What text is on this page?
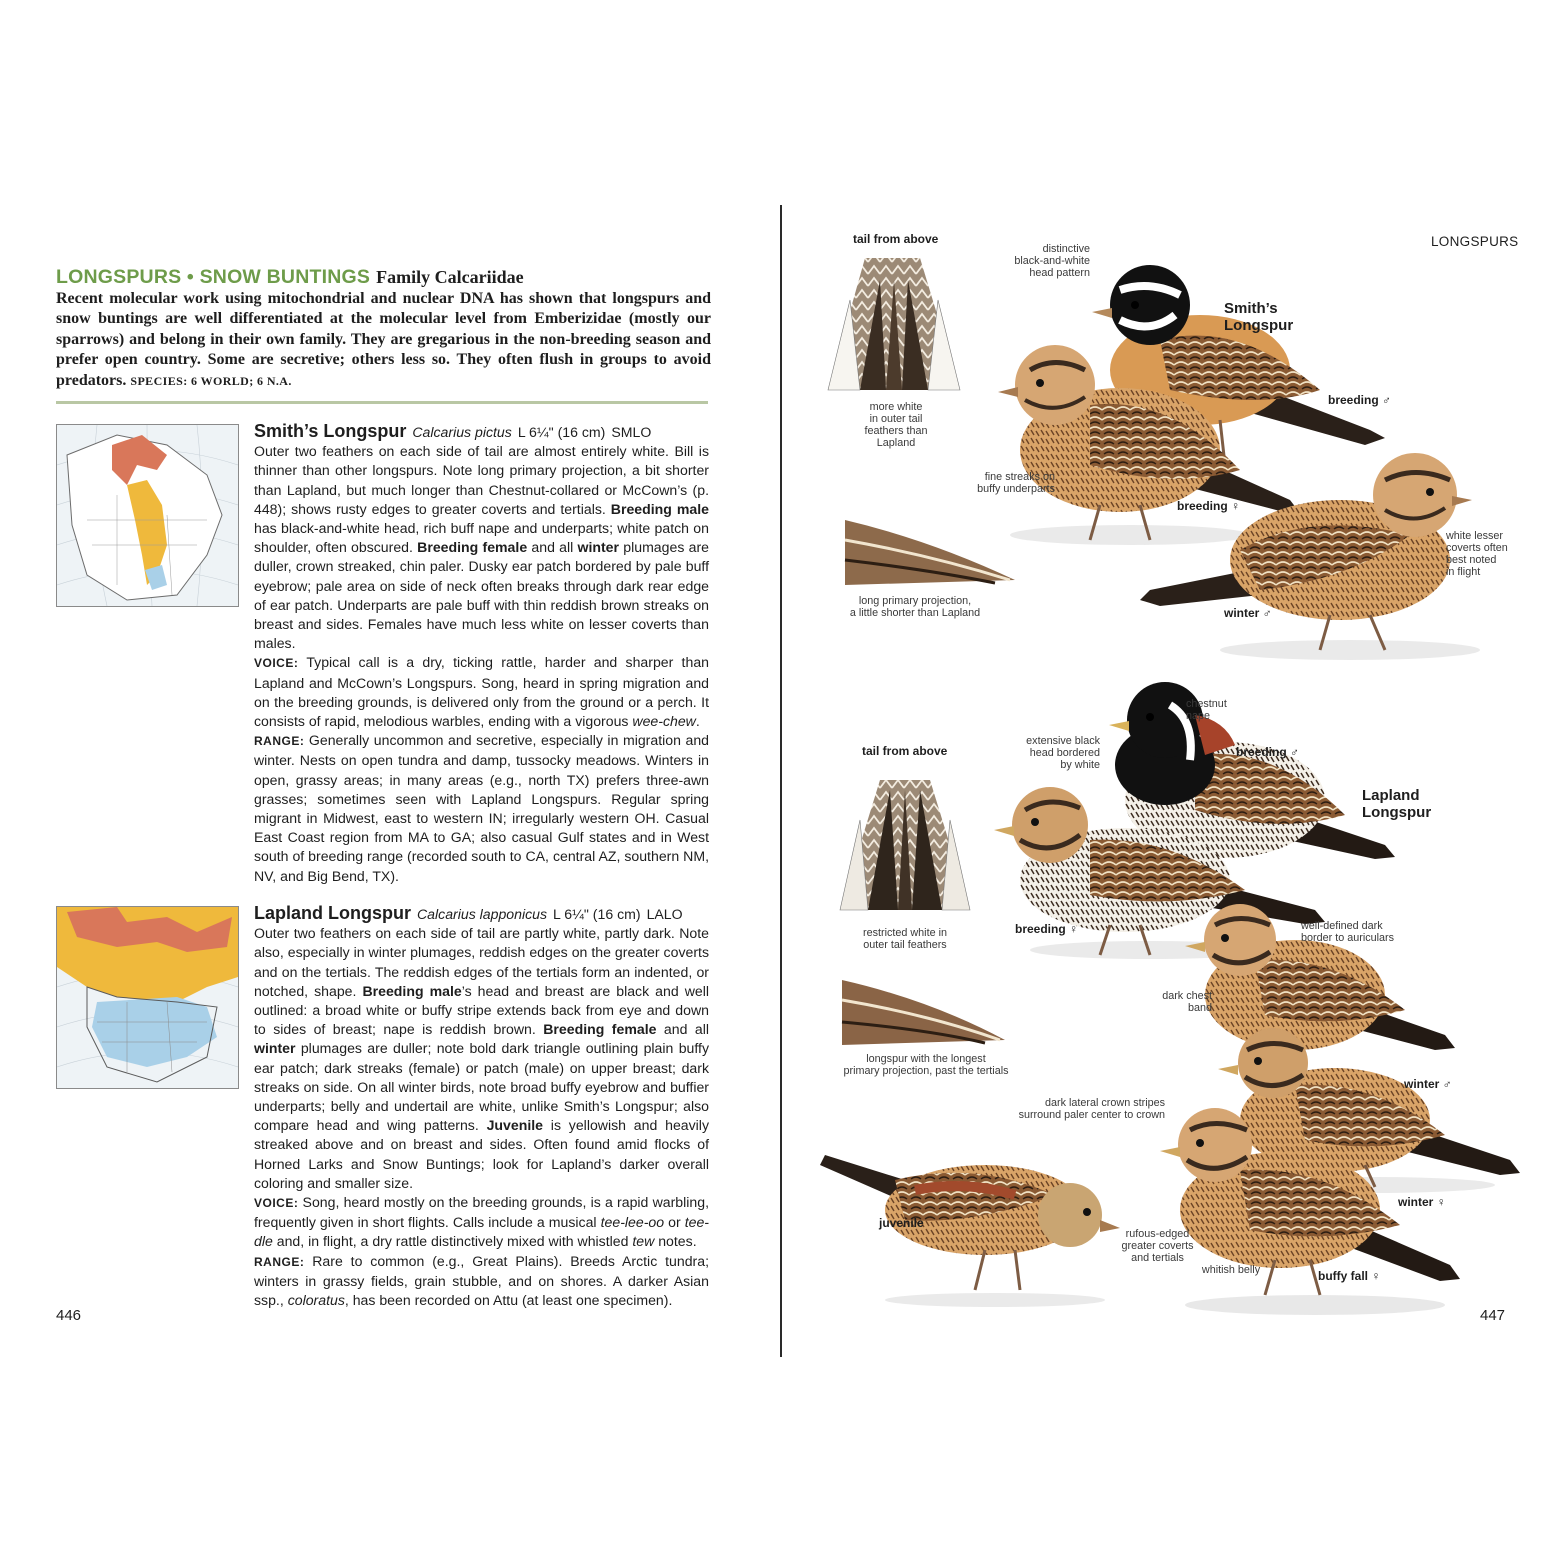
LONGSPURS • SNOW BUNTINGS Family Calcariidae
Recent molecular work using mitochondrial and nuclear DNA has shown that longspurs and snow buntings are well differentiated at the molecular level from Emberizidae (mostly our sparrows) and belong in their own family. They are gregarious in the non-breeding season and prefer open country. Some are secretive; others less so. They often flush in groups to avoid predators. SPECIES: 6 WORLD; 6 N.A.

Smith’s Longspur Calcarius pictus L 6¼" (16 cm) SMLO

Outer two feathers on each side of tail are almost entirely white. Bill is thinner than other longspurs. Note long primary projection, a bit shorter than Lapland, but much longer than Chestnut-collared or McCown’s (p. 448); shows rusty edges to greater coverts and tertials. Breeding male has black-and-white head, rich buff nape and underparts; white patch on shoulder, often obscured. Breeding female and all winter plumages are duller, crown streaked, chin paler. Dusky ear patch bordered by pale buff eyebrow; pale area on side of neck often breaks through dark rear edge of ear patch. Underparts are pale buff with thin reddish brown streaks on breast and sides. Females have much less white on lesser coverts than males.

VOICE: Typical call is a dry, ticking rattle, harder and sharper than Lapland and McCown’s Longspurs. Song, heard in spring migration and on the breeding grounds, is delivered only from the ground or a perch. It consists of rapid, melodious warbles, ending with a vigorous wee-chew.

RANGE: Generally uncommon and secretive, especially in migration and winter. Nests on open tundra and damp, tussocky meadows. Winters in open, grassy areas; in many areas (e.g., north TX) prefers three-awn grasses; sometimes seen with Lapland Longspurs. Regular spring migrant in Midwest, east to western IN; irregularly western OH. Casual East Coast region from MA to GA; also casual Gulf states and in West south of breeding range (recorded south to CA, central AZ, southern NM, NV, and Big Bend, TX).

Lapland Longspur Calcarius lapponicus L 6¼" (16 cm) LALO

Outer two feathers on each side of tail are partly white, partly dark. Note also, especially in winter plumages, reddish edges on the greater coverts and on the tertials. The reddish edges of the tertials form an indented, or notched, shape. Breeding male’s head and breast are black and well outlined: a broad white or buffy stripe extends back from eye and down to sides of breast; nape is reddish brown. Breeding female and all winter plumages are duller; note bold dark triangle outlining plain buffy ear patch; dark streaks (female) or patch (male) on upper breast; dark streaks on side. On all winter birds, note broad buffy eyebrow and buffier underparts; belly and undertail are white, unlike Smith’s Longspur; also compare head and wing patterns. Juvenile is yellowish and heavily streaked above and on breast and sides. Often found amid flocks of Horned Larks and Snow Buntings; look for Lapland’s darker overall coloring and smaller size.

VOICE: Song, heard mostly on the breeding grounds, is a rapid warbling, frequently given in short flights. Calls include a musical tee-lee-oo or tee-dle and, in flight, a dry rattle distinctively mixed with whistled tew notes.

RANGE: Rare to common (e.g., Great Plains). Breeds Arctic tundra; winters in grassy fields, grain stubble, and on shores. A darker Asian ssp., coloratus, has been recorded on Attu (at least one specimen).

446
LONGSPURS
tail from above
more white
in outer tail
feathers than
Lapland
long primary projection,
a little shorter than Lapland
distinctive
black-and-white
head pattern
fine streaks on
buffy underparts
white lesser
coverts often
best noted
in flight
Smith’s
Longspur
breeding ♂
breeding ♀
winter ♂
tail from above
restricted white in
outer tail feathers
longspur with the longest
primary projection, past the tertials
chestnut
nape
extensive black
head bordered
by white
well-defined dark
border to auriculars
dark chest
band
dark lateral crown stripes
surround paler center to crown
rufous-edged
greater coverts
and tertials
whitish belly
Lapland
Longspur
breeding ♂
breeding ♀
winter ♂
winter ♀
juvenile
buffy fall ♀
447
